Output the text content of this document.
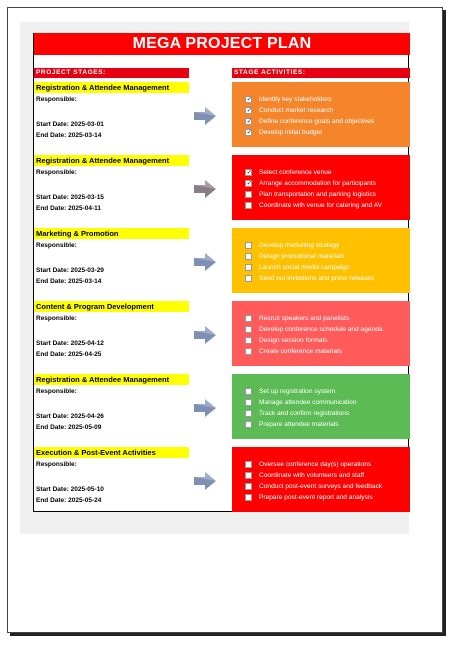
MEGA PROJECT PLAN
PROJECT STAGES:	STAGE ACTIVITIES:
Registration & Attendee Management
Responsible:
Start Date: 2025-03-01
End Date: 2025-03-14
✓
Identify key stakeholders
✓
Conduct market research
✓
Define conference goals and objectives
✓
Develop initial budget
Registration & Attendee Management
Responsible:
Start Date: 2025-03-15
End Date: 2025-04-11
✓
Select conference venue
✓
Arrange accommodation for participants
Plan transportation and parking logistics
Coordinate with venue for catering and AV
Marketing & Promotion
Responsible:
Start Date: 2025-03-29
End Date: 2025-03-14
Develop marketing strategy
Design promotional materials
Launch social media campaign
Send out invitations and press releases
Content & Program Development
Responsible:
Start Date: 2025-04-12
End Date: 2025-04-25
Recruit speakers and panelists
Develop conference schedule and agenda
Design session formats
Create conference materials
Registration & Attendee Management
Responsible:
Start Date: 2025-04-26
End Date: 2025-05-09
Set up registration system
Manage attendee communication
Track and confirm registrations
Prepare attendee materials
Execution & Post-Event Activities
Responsible:
Start Date: 2025-05-10
End Date: 2025-05-24
Oversee conference day(s) operations
Coordinate with volunteers and staff
Conduct post-event surveys and feedback
Prepare post-event report and analysis
